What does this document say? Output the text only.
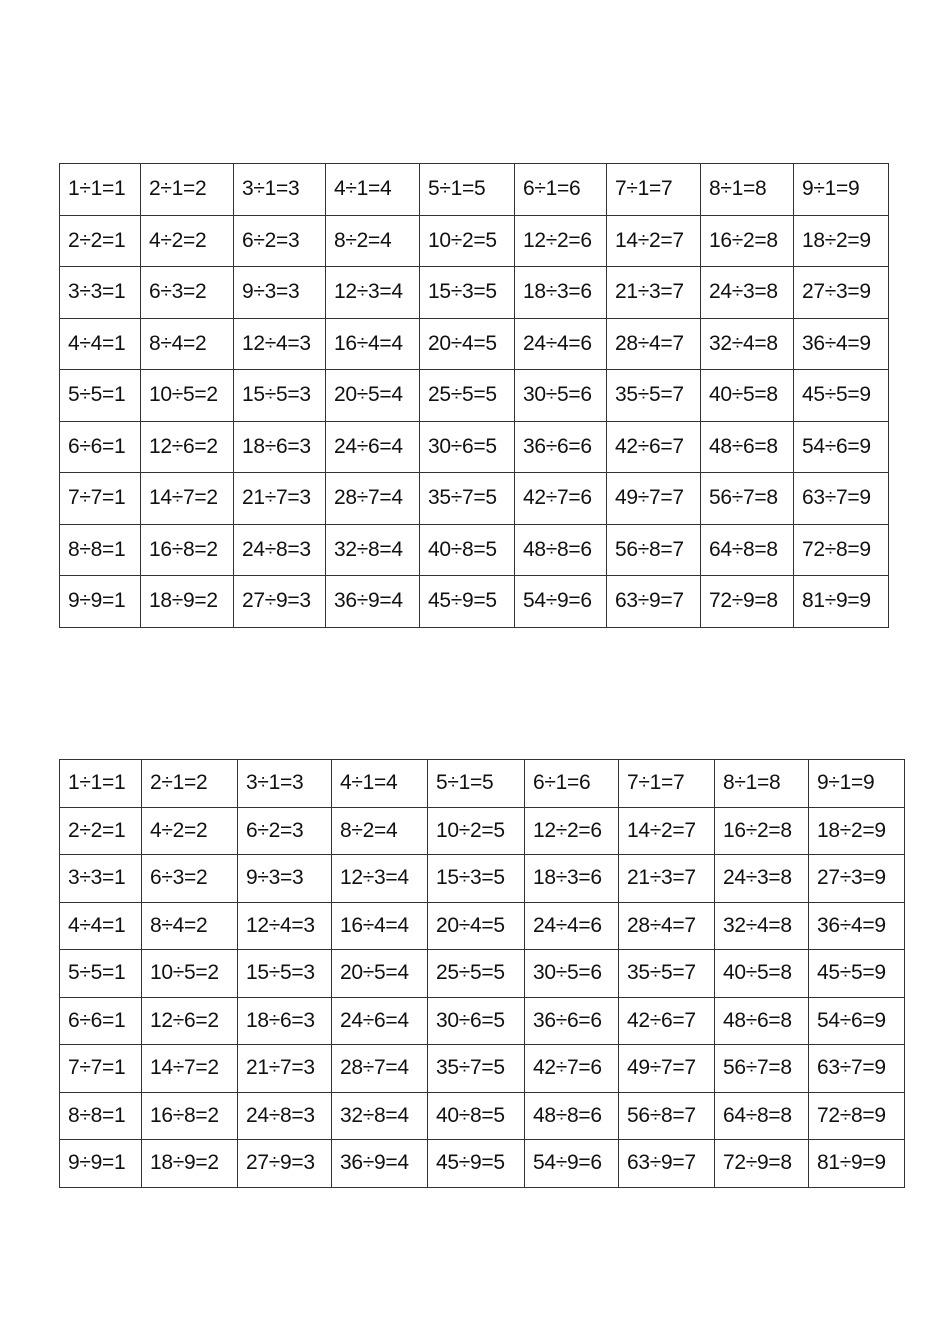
1÷1=1	2÷1=2	3÷1=3	4÷1=4	5÷1=5	6÷1=6	7÷1=7	8÷1=8	9÷1=9
2÷2=1	4÷2=2	6÷2=3	8÷2=4	10÷2=5	12÷2=6	14÷2=7	16÷2=8	18÷2=9
3÷3=1	6÷3=2	9÷3=3	12÷3=4	15÷3=5	18÷3=6	21÷3=7	24÷3=8	27÷3=9
4÷4=1	8÷4=2	12÷4=3	16÷4=4	20÷4=5	24÷4=6	28÷4=7	32÷4=8	36÷4=9
5÷5=1	10÷5=2	15÷5=3	20÷5=4	25÷5=5	30÷5=6	35÷5=7	40÷5=8	45÷5=9
6÷6=1	12÷6=2	18÷6=3	24÷6=4	30÷6=5	36÷6=6	42÷6=7	48÷6=8	54÷6=9
7÷7=1	14÷7=2	21÷7=3	28÷7=4	35÷7=5	42÷7=6	49÷7=7	56÷7=8	63÷7=9
8÷8=1	16÷8=2	24÷8=3	32÷8=4	40÷8=5	48÷8=6	56÷8=7	64÷8=8	72÷8=9
9÷9=1	18÷9=2	27÷9=3	36÷9=4	45÷9=5	54÷9=6	63÷9=7	72÷9=8	81÷9=9
1÷1=1	2÷1=2	3÷1=3	4÷1=4	5÷1=5	6÷1=6	7÷1=7	8÷1=8	9÷1=9
2÷2=1	4÷2=2	6÷2=3	8÷2=4	10÷2=5	12÷2=6	14÷2=7	16÷2=8	18÷2=9
3÷3=1	6÷3=2	9÷3=3	12÷3=4	15÷3=5	18÷3=6	21÷3=7	24÷3=8	27÷3=9
4÷4=1	8÷4=2	12÷4=3	16÷4=4	20÷4=5	24÷4=6	28÷4=7	32÷4=8	36÷4=9
5÷5=1	10÷5=2	15÷5=3	20÷5=4	25÷5=5	30÷5=6	35÷5=7	40÷5=8	45÷5=9
6÷6=1	12÷6=2	18÷6=3	24÷6=4	30÷6=5	36÷6=6	42÷6=7	48÷6=8	54÷6=9
7÷7=1	14÷7=2	21÷7=3	28÷7=4	35÷7=5	42÷7=6	49÷7=7	56÷7=8	63÷7=9
8÷8=1	16÷8=2	24÷8=3	32÷8=4	40÷8=5	48÷8=6	56÷8=7	64÷8=8	72÷8=9
9÷9=1	18÷9=2	27÷9=3	36÷9=4	45÷9=5	54÷9=6	63÷9=7	72÷9=8	81÷9=9
